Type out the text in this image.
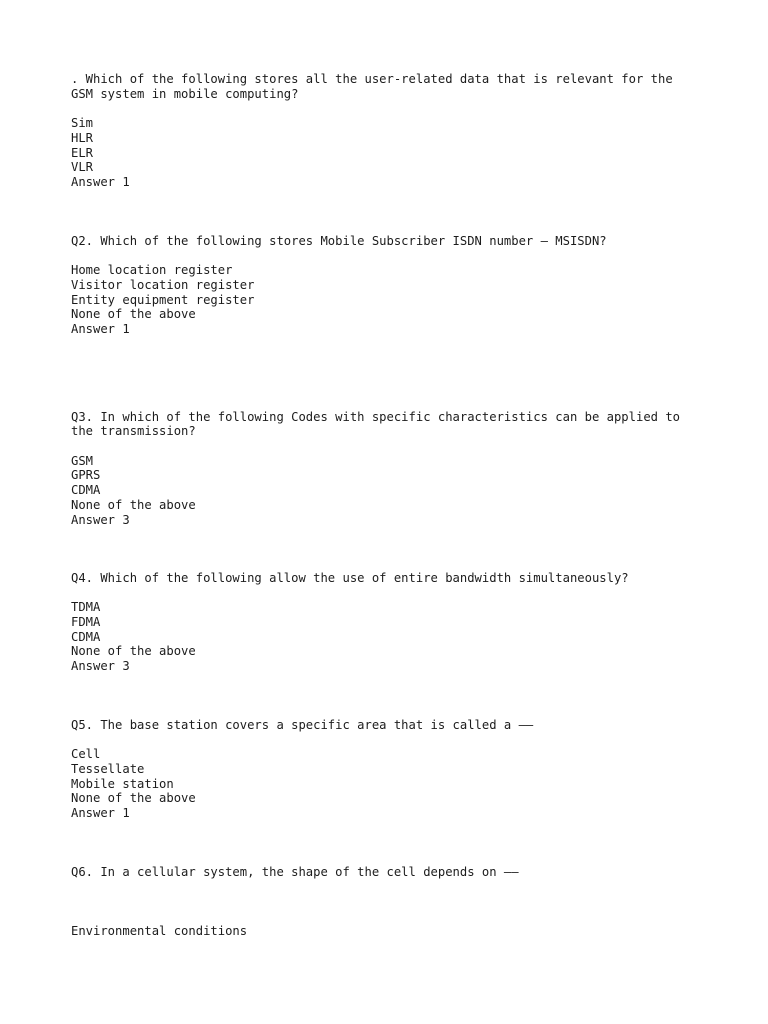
. Which of the following stores all the user-related data that is relevant for the

GSM system in mobile computing?

Sim

HLR

ELR

VLR

Answer 1

Q2. Which of the following stores Mobile Subscriber ISDN number – MSISDN?

Home location register

Visitor location register

Entity equipment register

None of the above

Answer 1

Q3. In which of the following Codes with specific characteristics can be applied to

the transmission?

GSM

GPRS

CDMA

None of the above

Answer 3

Q4. Which of the following allow the use of entire bandwidth simultaneously?

TDMA

FDMA

CDMA

None of the above

Answer 3

Q5. The base station covers a specific area that is called a ——

Cell

Tessellate

Mobile station

None of the above

Answer 1

Q6. In a cellular system, the shape of the cell depends on ——

Environmental conditions
